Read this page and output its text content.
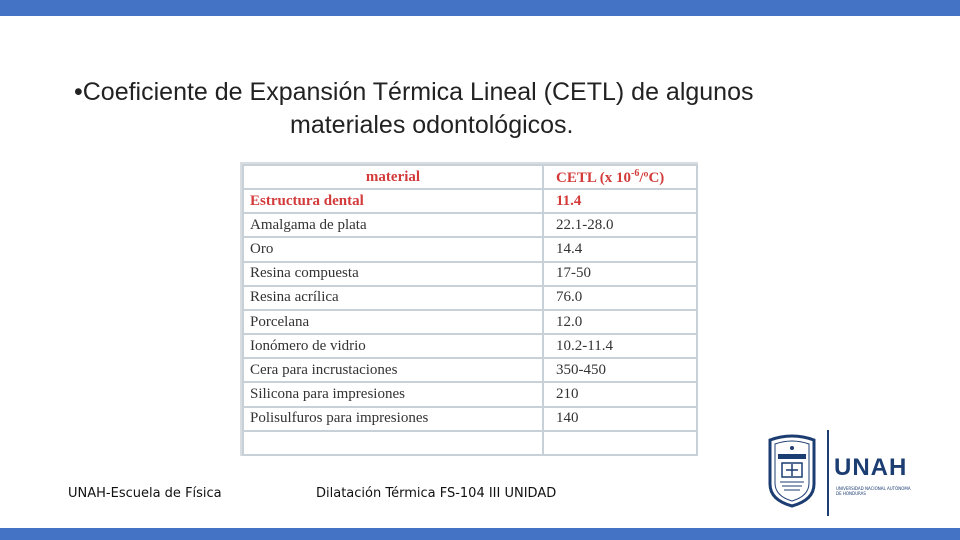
•Coeficiente de Expansión Térmica Lineal (CETL) de algunos
materiales odontológicos.
material	CETL (x $10^{-6}/ºC$)
Estructura dental	11.4
Amalgama de plata	22.1-28.0
Oro	14.4
Resina compuesta	17-50
Resina acrílica	76.0
Porcelana	12.0
Ionómero de vidrio	10.2-11.4
Cera para incrustaciones	350-450
Silicona para impresiones	210
Polisulfuros para impresiones	140

UNAH-Escuela de Física	Dilatación Térmica FS-104 III UNIDAD
UNAH
UNIVERSIDAD NACIONAL AUTÓNOMA DE HONDURAS
